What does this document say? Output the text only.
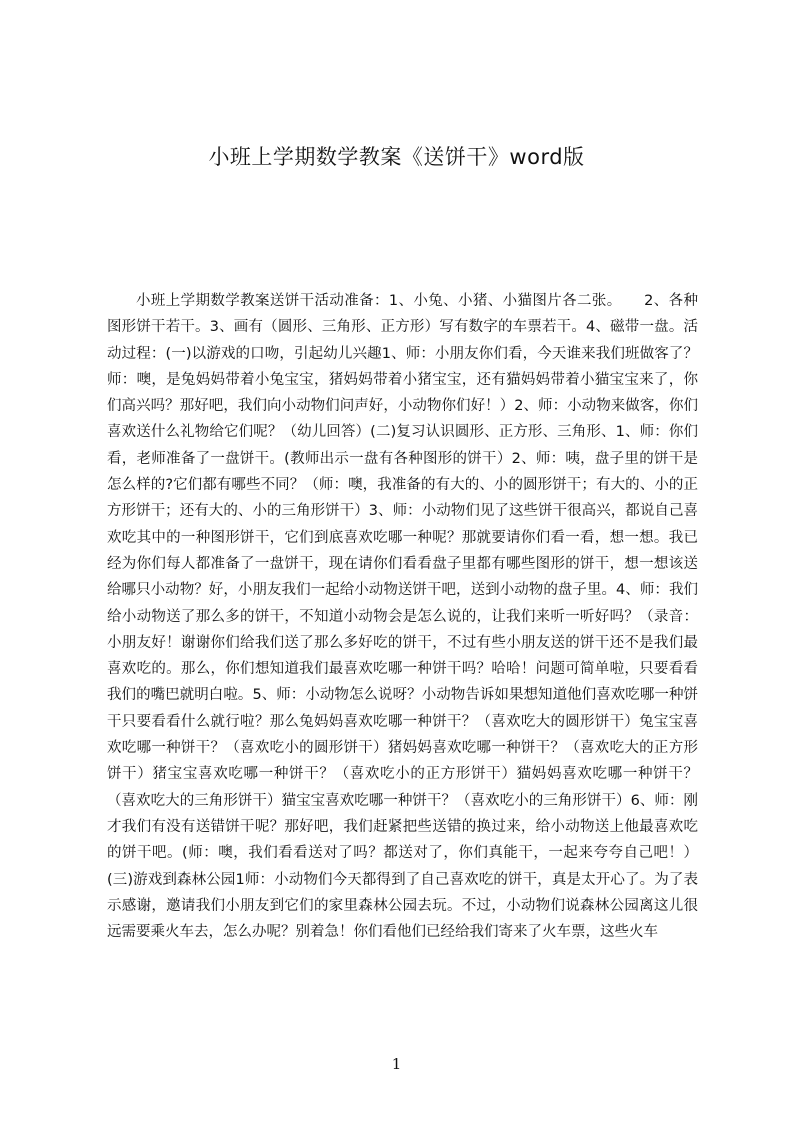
小班上学期数学教案《送饼干》word版

小班上学期数学教案送饼干活动准备：1、小兔、小猪、小猫图片各二张。　　2、各种图形饼干若干。3、画有（圆形、三角形、正方形）写有数字的车票若干。4、磁带一盘。活动过程：(一)以游戏的口吻，引起幼儿兴趣1、师：小朋友你们看，今天谁来我们班做客了？师：噢，是兔妈妈带着小兔宝宝，猪妈妈带着小猪宝宝，还有猫妈妈带着小猫宝宝来了，你们高兴吗？那好吧，我们向小动物们问声好，小动物你们好！）2、师：小动物来做客，你们喜欢送什么礼物给它们呢？（幼儿回答）(二)复习认识圆形、正方形、三角形、1、师：你们看，老师准备了一盘饼干。(教师出示一盘有各种图形的饼干）2、师：咦，盘子里的饼干是怎么样的?它们都有哪些不同？（师：噢，我准备的有大的、小的圆形饼干；有大的、小的正方形饼干；还有大的、小的三角形饼干）3、师：小动物们见了这些饼干很高兴，都说自己喜欢吃其中的一种图形饼干，它们到底喜欢吃哪一种呢？那就要请你们看一看，想一想。我已经为你们每人都准备了一盘饼干，现在请你们看看盘子里都有哪些图形的饼干，想一想该送给哪只小动物？好，小朋友我们一起给小动物送饼干吧，送到小动物的盘子里。4、师：我们给小动物送了那么多的饼干，不知道小动物会是怎么说的，让我们来听一听好吗？（录音：小朋友好！谢谢你们给我们送了那么多好吃的饼干，不过有些小朋友送的饼干还不是我们最喜欢吃的。那么，你们想知道我们最喜欢吃哪一种饼干吗？哈哈！问题可简单啦，只要看看我们的嘴巴就明白啦。5、师：小动物怎么说呀？小动物告诉如果想知道他们喜欢吃哪一种饼干只要看看什么就行啦？那么兔妈妈喜欢吃哪一种饼干？（喜欢吃大的圆形饼干）兔宝宝喜欢吃哪一种饼干？（喜欢吃小的圆形饼干）猪妈妈喜欢吃哪一种饼干？（喜欢吃大的正方形饼干）猪宝宝喜欢吃哪一种饼干？（喜欢吃小的正方形饼干）猫妈妈喜欢吃哪一种饼干？（喜欢吃大的三角形饼干）猫宝宝喜欢吃哪一种饼干？（喜欢吃小的三角形饼干）6、师：刚才我们有没有送错饼干呢？那好吧，我们赶紧把些送错的换过来，给小动物送上他最喜欢吃的饼干吧。(师：噢，我们看看送对了吗？都送对了，你们真能干，一起来夸夸自己吧！）(三)游戏到森林公园1师：小动物们今天都得到了自己喜欢吃的饼干，真是太开心了。为了表示感谢，邀请我们小朋友到它们的家里森林公园去玩。不过，小动物们说森林公园离这儿很远需要乘火车去，怎么办呢？别着急！你们看他们已经给我们寄来了火车票，这些火车

1
